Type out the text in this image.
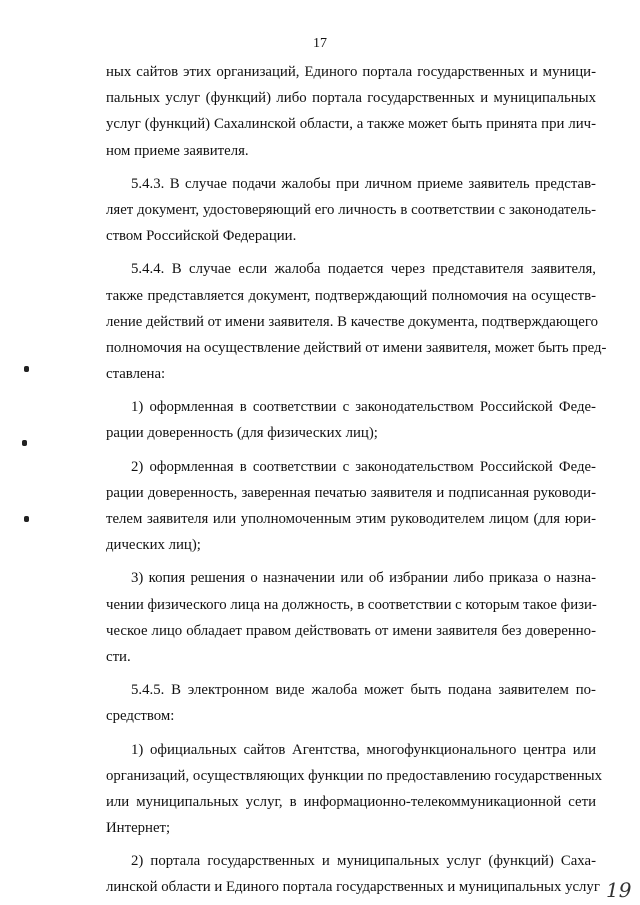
17
ных сайтов этих организаций, Единого портала государственных и муници-
пальных услуг (функций) либо портала государственных и муниципальных
услуг (функций) Сахалинской области, а также может быть принята при лич-
ном приеме заявителя.
5.4.3. В случае подачи жалобы при личном приеме заявитель представ-
ляет документ, удостоверяющий его личность в соответствии с законодатель-
ством Российской Федерации.
5.4.4. В случае если жалоба подается через представителя заявителя,
также представляется документ, подтверждающий полномочия на осуществ-
ление действий от имени заявителя. В качестве документа, подтверждающего
полномочия на осуществление действий от имени заявителя, может быть пред-
ставлена:
1) оформленная в соответствии с законодательством Российской Феде-
рации доверенность (для физических лиц);
2) оформленная в соответствии с законодательством Российской Феде-
рации доверенность, заверенная печатью заявителя и подписанная руководи-
телем заявителя или уполномоченным этим руководителем лицом (для юри-
дических лиц);
3) копия решения о назначении или об избрании либо приказа о назна-
чении физического лица на должность, в соответствии с которым такое физи-
ческое лицо обладает правом действовать от имени заявителя без доверенно-
сти.
5.4.5. В электронном виде жалоба может быть подана заявителем по-
средством:
1) официальных сайтов Агентства, многофункционального центра или
организаций, осуществляющих функции по предоставлению государственных
или муниципальных услуг, в информационно-телекоммуникационной сети
Интернет;
2) портала государственных и муниципальных услуг (функций) Саха-
линской области и Единого портала государственных и муниципальных услуг 19
